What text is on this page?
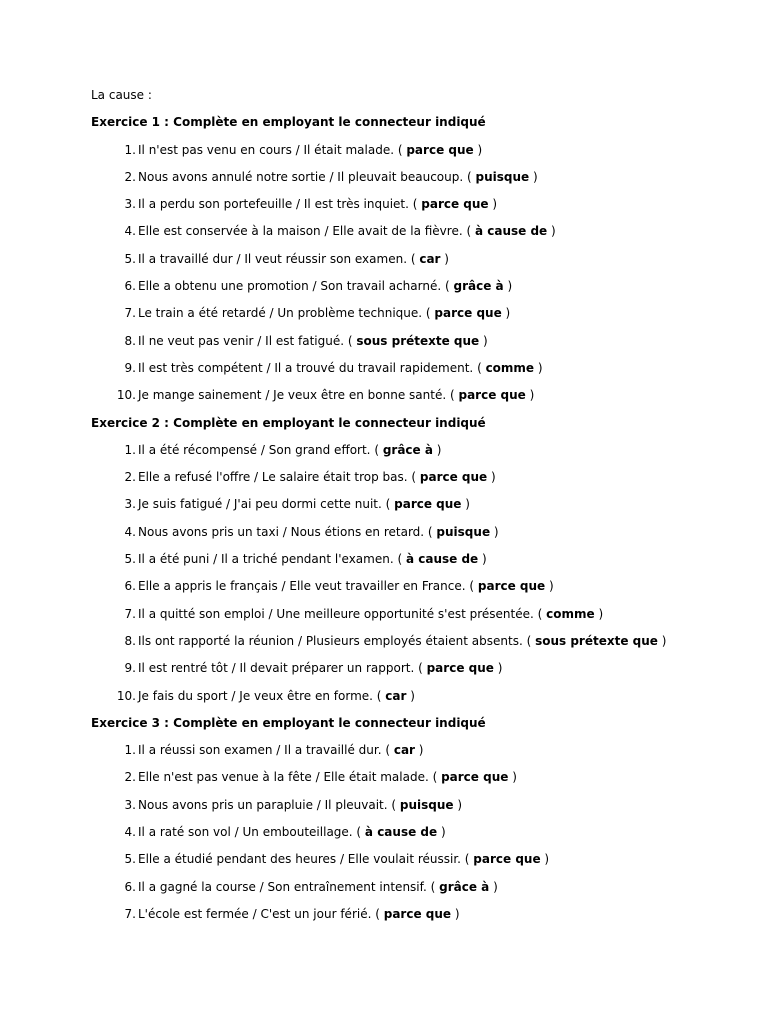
La cause :
Exercice 1 : Complète en employant le connecteur indiqué
1. Il n'est pas venu en cours / Il était malade. ( parce que )
2. Nous avons annulé notre sortie / Il pleuvait beaucoup. ( puisque )
3. Il a perdu son portefeuille / Il est très inquiet. ( parce que )
4. Elle est conservée à la maison / Elle avait de la fièvre. ( à cause de )
5. Il a travaillé dur / Il veut réussir son examen. ( car )
6. Elle a obtenu une promotion / Son travail acharné. ( grâce à )
7. Le train a été retardé / Un problème technique. ( parce que )
8. Il ne veut pas venir / Il est fatigué. ( sous prétexte que )
9. Il est très compétent / Il a trouvé du travail rapidement. ( comme )
10. Je mange sainement / Je veux être en bonne santé. ( parce que )
Exercice 2 : Complète en employant le connecteur indiqué
1. Il a été récompensé / Son grand effort. ( grâce à )
2. Elle a refusé l'offre / Le salaire était trop bas. ( parce que )
3. Je suis fatigué / J'ai peu dormi cette nuit. ( parce que )
4. Nous avons pris un taxi / Nous étions en retard. ( puisque )
5. Il a été puni / Il a triché pendant l'examen. ( à cause de )
6. Elle a appris le français / Elle veut travailler en France. ( parce que )
7. Il a quitté son emploi / Une meilleure opportunité s'est présentée. ( comme )
8. Ils ont rapporté la réunion / Plusieurs employés étaient absents. ( sous prétexte que )
9. Il est rentré tôt / Il devait préparer un rapport. ( parce que )
10. Je fais du sport / Je veux être en forme. ( car )
Exercice 3 : Complète en employant le connecteur indiqué
1. Il a réussi son examen / Il a travaillé dur. ( car )
2. Elle n'est pas venue à la fête / Elle était malade. ( parce que )
3. Nous avons pris un parapluie / Il pleuvait. ( puisque )
4. Il a raté son vol / Un embouteillage. ( à cause de )
5. Elle a étudié pendant des heures / Elle voulait réussir. ( parce que )
6. Il a gagné la course / Son entraînement intensif. ( grâce à )
7. L'école est fermée / C'est un jour férié. ( parce que )
